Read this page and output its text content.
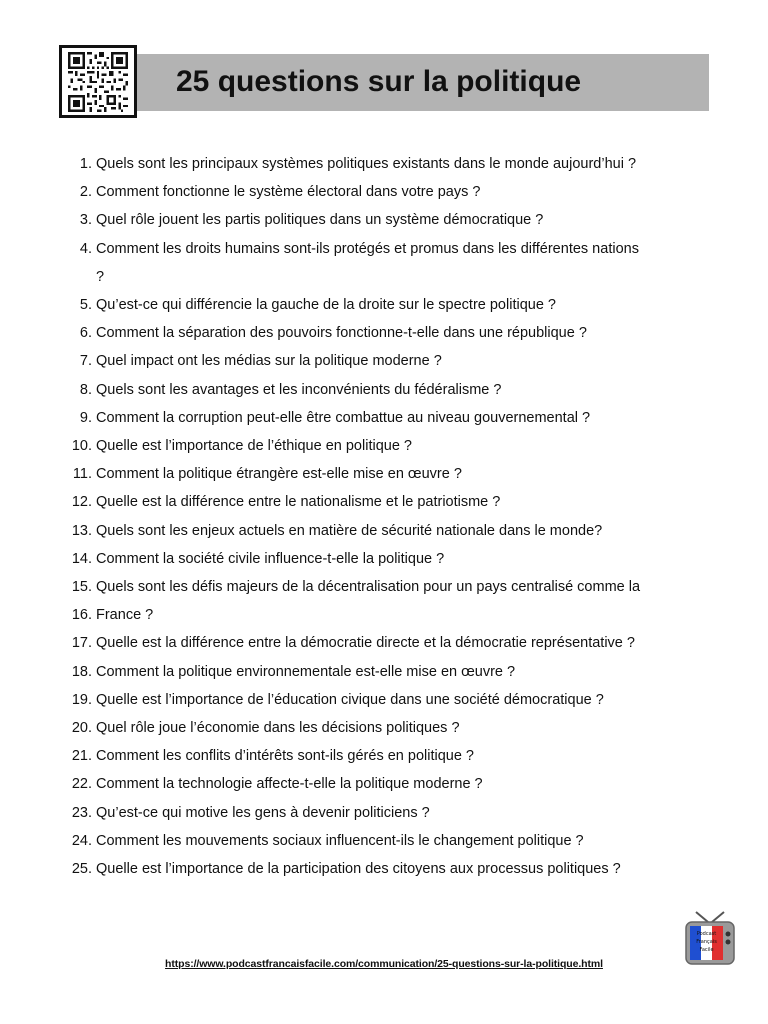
25 questions sur la politique
1. Quels sont les principaux systèmes politiques existants dans le monde aujourd’hui ?
2. Comment fonctionne le système électoral dans votre pays ?
3. Quel rôle jouent les partis politiques dans un système démocratique ?
4. Comment les droits humains sont-ils protégés et promus dans les différentes nations ?
5. Qu’est-ce qui différencie la gauche de la droite sur le spectre politique ?
6. Comment la séparation des pouvoirs fonctionne-t-elle dans une république ?
7. Quel impact ont les médias sur la politique moderne ?
8. Quels sont les avantages et les inconvénients du fédéralisme ?
9. Comment la corruption peut-elle être combattue au niveau gouvernemental ?
10. Quelle est l’importance de l’éthique en politique ?
11. Comment la politique étrangère est-elle mise en œuvre ?
12. Quelle est la différence entre le nationalisme et le patriotisme ?
13. Quels sont les enjeux actuels en matière de sécurité nationale dans le monde?
14. Comment la société civile influence-t-elle la politique ?
15. Quels sont les défis majeurs de la décentralisation pour un pays centralisé comme la
16. France ?
17. Quelle est la différence entre la démocratie directe et la démocratie représentative ?
18. Comment la politique environnementale est-elle mise en œuvre ?
19. Quelle est l’importance de l’éducation civique dans une société démocratique ?
20. Quel rôle joue l’économie dans les décisions politiques ?
21. Comment les conflits d’intérêts sont-ils gérés en politique ?
22. Comment la technologie affecte-t-elle la politique moderne ?
23. Qu’est-ce qui motive les gens à devenir politiciens ?
24. Comment les mouvements sociaux influencent-ils le changement politique ?
25. Quelle est l’importance de la participation des citoyens aux processus politiques ?
Podcast
Français
Facile
https://www.podcastfrancaisfacile.com/communication/25-questions-sur-la-politique.html
